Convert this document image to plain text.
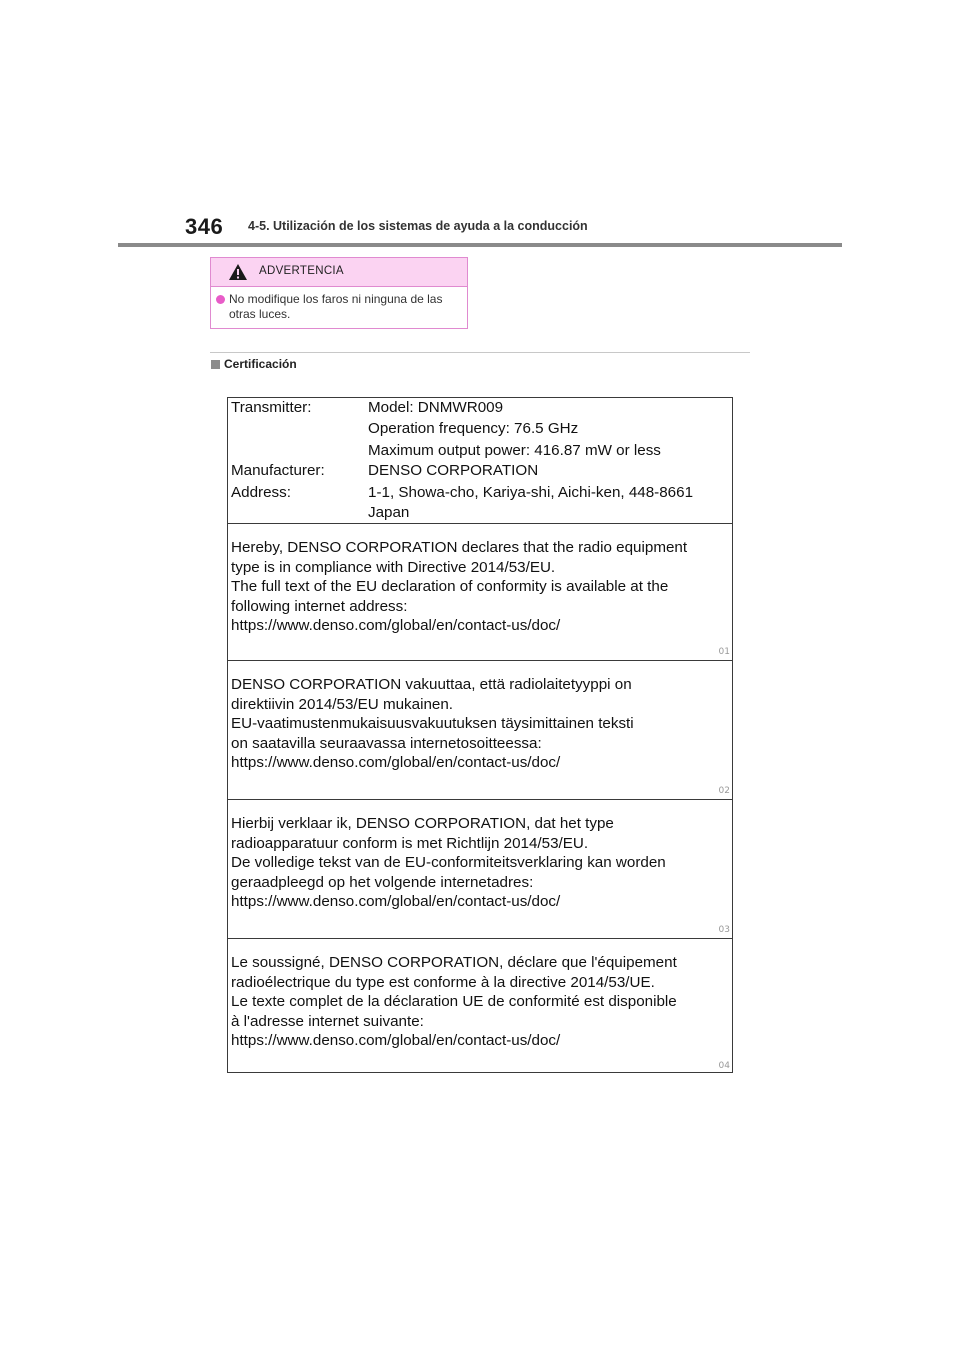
346 4-5. Utilización de los sistemas de ayuda a la conducción
ADVERTENCIA
No modifique los faros ni ninguna de las
otras luces.
Certificación
Transmitter:	Model: DNMWR009
Operation frequency: 76.5 GHz
Maximum output power: 416.87 mW or less
Manufacturer:	DENSO CORPORATION
Address:	1-1, Showa-cho, Kariya-shi, Aichi-ken, 448-8661
Japan
Hereby, DENSO CORPORATION declares that the radio equipment
type is in compliance with Directive 2014/53/EU.
The full text of the EU declaration of conformity is available at the
following internet address:
https://www.denso.com/global/en/contact-us/doc/
01
DENSO CORPORATION vakuuttaa, että radiolaitetyyppi on
direktiivin 2014/53/EU mukainen.
EU-vaatimustenmukaisuusvakuutuksen täysimittainen teksti
on saatavilla seuraavassa internetosoitteessa:
https://www.denso.com/global/en/contact-us/doc/
02
Hierbij verklaar ik, DENSO CORPORATION, dat het type
radioapparatuur conform is met Richtlijn 2014/53/EU.
De volledige tekst van de EU-conformiteitsverklaring kan worden
geraadpleegd op het volgende internetadres:
https://www.denso.com/global/en/contact-us/doc/
03
Le soussigné, DENSO CORPORATION, déclare que l'équipement
radioélectrique du type est conforme à la directive 2014/53/UE.
Le texte complet de la déclaration UE de conformité est disponible
à l'adresse internet suivante:
https://www.denso.com/global/en/contact-us/doc/
04
